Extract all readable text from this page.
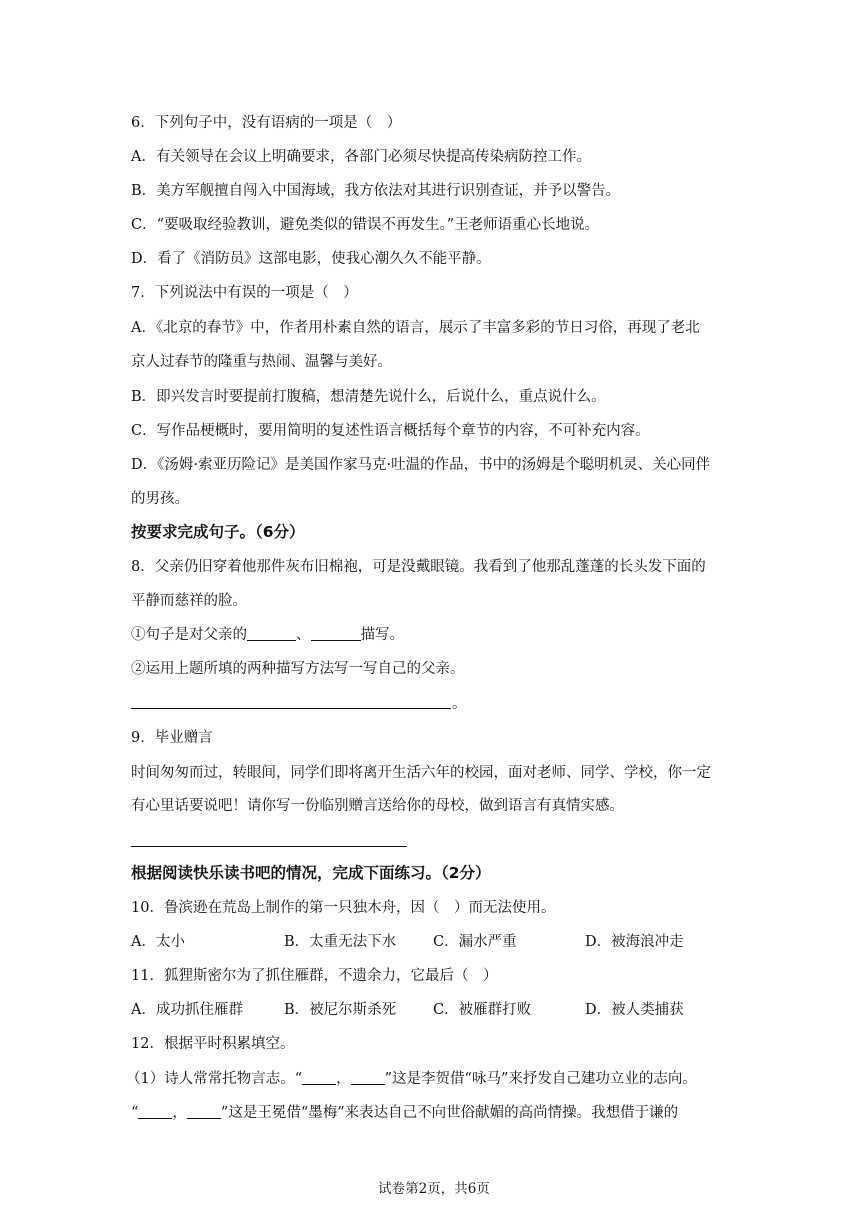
6．下列句子中，没有语病的一项是（　）
A．有关领导在会议上明确要求，各部门必须尽快提高传染病防控工作。
B．美方军舰擅自闯入中国海域，我方依法对其进行识别查证，并予以警告。
C．“要吸取经验教训，避免类似的错误不再发生。”王老师语重心长地说。
D．看了《消防员》这部电影，使我心潮久久不能平静。
7．下列说法中有误的一项是（　）
A．《北京的春节》中，作者用朴素自然的语言，展示了丰富多彩的节日习俗，再现了老北
京人过春节的隆重与热闹、温馨与美好。
B．即兴发言时要提前打腹稿，想清楚先说什么，后说什么，重点说什么。
C．写作品梗概时，要用简明的复述性语言概括每个章节的内容，不可补充内容。
D．《汤姆·索亚历险记》是美国作家马克·吐温的作品，书中的汤姆是个聪明机灵、关心同伴
的男孩。
按要求完成句子。（6分）
8．父亲仍旧穿着他那件灰布旧棉袍，可是没戴眼镜。我看到了他那乱蓬蓬的长头发下面的
平静而慈祥的脸。
①句子是对父亲的	、	描写。
②运用上题所填的两种描写方法写一写自己的父亲。
。
9．毕业赠言
时间匆匆而过，转眼间，同学们即将离开生活六年的校园，面对老师、同学、学校，你一定
有心里话要说吧！请你写一份临别赠言送给你的母校，做到语言有真情实感。
根据阅读快乐读书吧的情况，完成下面练习。（2分）
10．鲁滨逊在荒岛上制作的第一只独木舟，因（　）而无法使用。
A．太小	B．太重无法下水	C．漏水严重	D．被海浪冲走
11．狐狸斯密尔为了抓住雁群，不遗余力，它最后（　）
A．成功抓住雁群	B．被尼尔斯杀死	C．被雁群打败	D．被人类捕获
12．根据平时积累填空。
（1）诗人常常托物言志。“ ， ”这是李贺借“咏马”来抒发自己建功立业的志向。
“ ， ”这是王冕借“墨梅”来表达自己不向世俗献媚的高尚情操。我想借于谦的
试卷第2页，共6页
